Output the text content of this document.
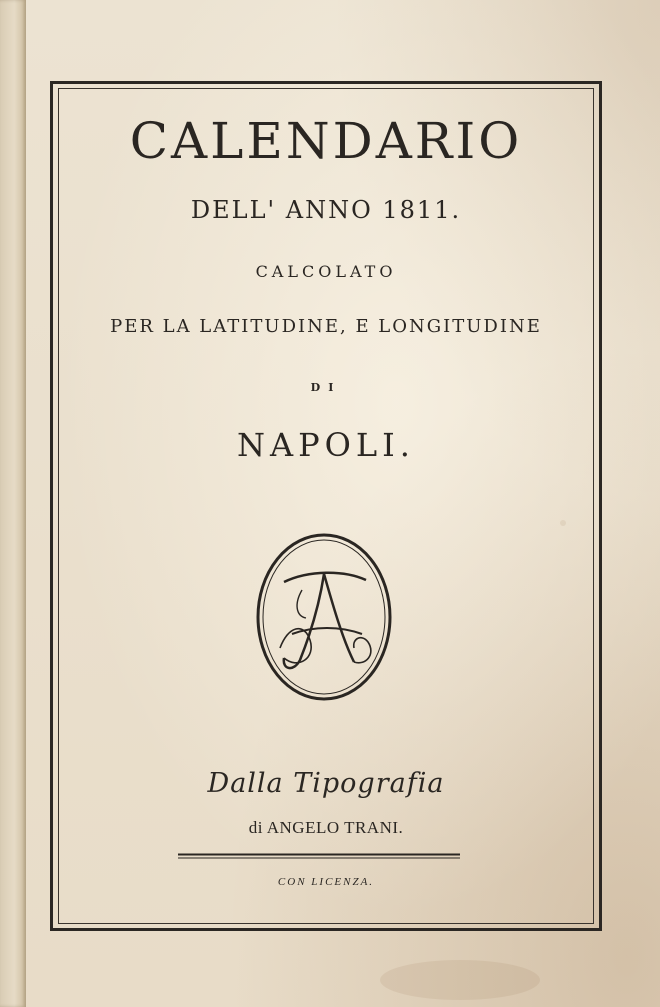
CALENDARIO
DELL' ANNO 1811.
CALCOLATO
PER LA LATITUDINE, E LONGITUDINE
DI
NAPOLI.
Dalla Tipografia
di ANGELO TRANI.
CON LICENZA.
